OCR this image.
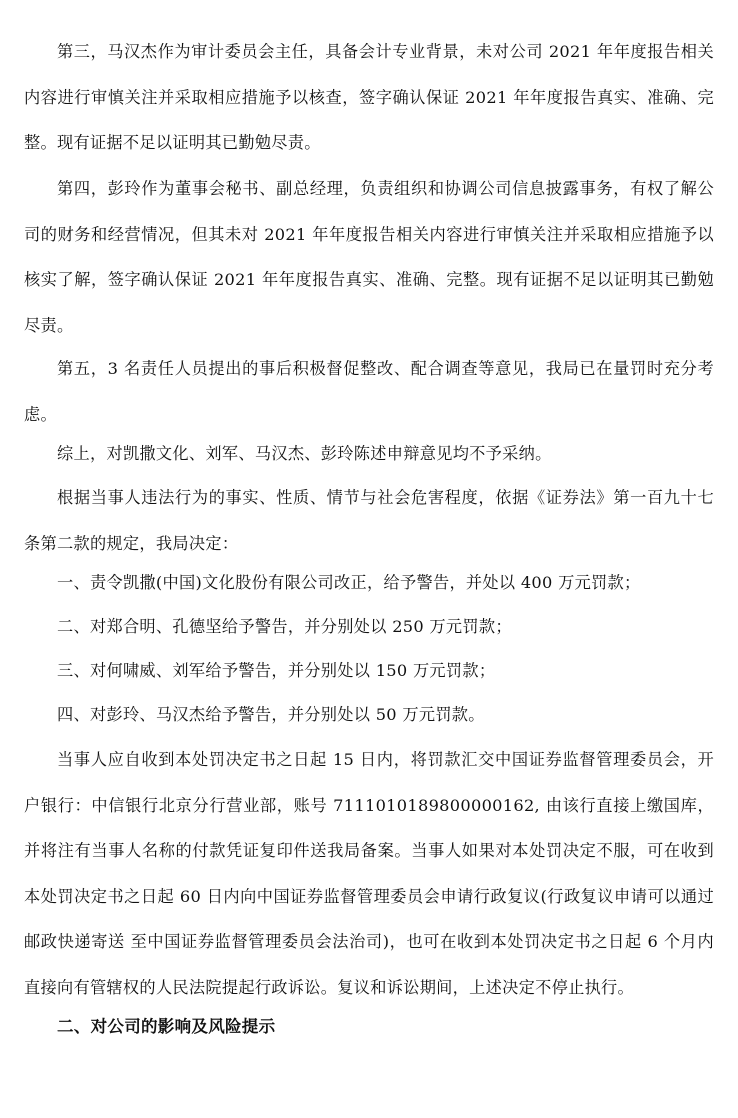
第三，马汉杰作为审计委员会主任，具备会计专业背景，未对公司 2021 年年度报告相关内容进行审慎关注并采取相应措施予以核查，签字确认保证 2021 年年度报告真实、准确、完整。现有证据不足以证明其已勤勉尽责。

第四，彭玲作为董事会秘书、副总经理，负责组织和协调公司信息披露事务，有权了解公司的财务和经营情况，但其未对 2021 年年度报告相关内容进行审慎关注并采取相应措施予以核实了解，签字确认保证 2021 年年度报告真实、准确、完整。现有证据不足以证明其已勤勉尽责。

第五，3 名责任人员提出的事后积极督促整改、配合调查等意见，我局已在量罚时充分考虑。

综上，对凯撒文化、刘军、马汉杰、彭玲陈述申辩意见均不予采纳。

根据当事人违法行为的事实、性质、情节与社会危害程度，依据《证券法》第一百九十七条第二款的规定，我局决定：

一、责令凯撒(中国)文化股份有限公司改正，给予警告，并处以 400 万元罚款；

二、对郑合明、孔德坚给予警告，并分别处以 250 万元罚款；

三、对何啸威、刘军给予警告，并分别处以 150 万元罚款；

四、对彭玲、马汉杰给予警告，并分别处以 50 万元罚款。

当事人应自收到本处罚决定书之日起 15 日内，将罚款汇交中国证券监督管理委员会，开户银行：中信银行北京分行营业部，账号 7111010189800000162, 由该行直接上缴国库，并将注有当事人名称的付款凭证复印件送我局备案。当事人如果对本处罚决定不服，可在收到本处罚决定书之日起 60 日内向中国证券监督管理委员会申请行政复议(行政复议申请可以通过邮政快递寄送 至中国证券监督管理委员会法治司)，也可在收到本处罚决定书之日起 6 个月内直接向有管辖权的人民法院提起行政诉讼。复议和诉讼期间，上述决定不停止执行。

二、对公司的影响及风险提示
